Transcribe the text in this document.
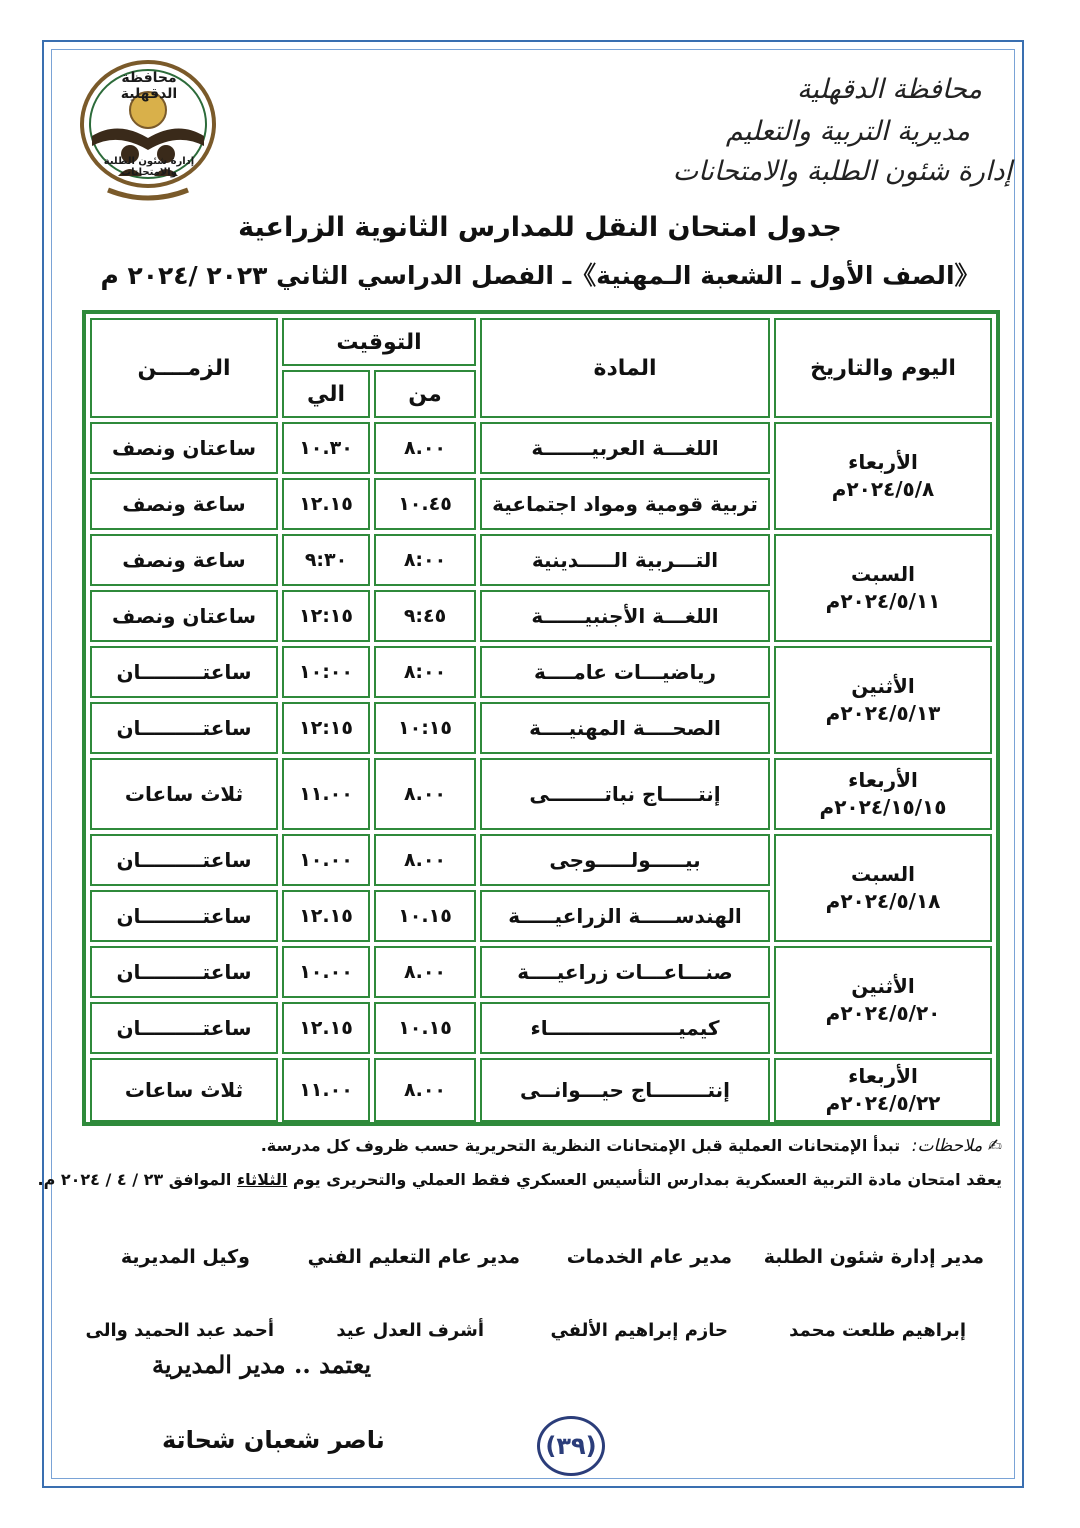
محافظة الدقهلية
مديرية التربية والتعليم
إدارة شئون الطلبة والامتحانات
محافظة الدقهلية
إدارة شئون الطلبة والامتحانات
جدول امتحان النقل للمدارس الثانوية الزراعية
《الصف الأول ـ الشعبة الـمهنية》ـ الفصل الدراسي الثاني ٢٠٢٣ /٢٠٢٤ م
اليوم والتاريخ
المادة
التوقيت
من
الي
الزمــــن
الأربعاء
٢٠٢٤/٥/٨م
اللغـــة العربيـــــــة
٨.٠٠
١٠.٣٠
ساعتان ونصف
تربية قومية ومواد اجتماعية
١٠.٤٥
١٢.١٥
ساعة ونصف
السبت
٢٠٢٤/٥/١١م
التـــربية الـــــدينية
٨:٠٠
٩:٣٠
ساعة ونصف
اللغـــة الأجنبيــــــة
٩:٤٥
١٢:١٥
ساعتان ونصف
الأثنين
٢٠٢٤/٥/١٣م
رياضيـــات عامــــة
٨:٠٠
١٠:٠٠
ساعتـــــــــان
الصحــــة المهنيــــة
١٠:١٥
١٢:١٥
ساعتـــــــــان
الأربعاء
٢٠٢٤/١٥/١٥م
إنتـــــاج نباتــــــــى
٨.٠٠
١١.٠٠
ثلاث ساعات
السبت
٢٠٢٤/٥/١٨م
بيـــــولـــــوجى
٨.٠٠
١٠.٠٠
ساعتـــــــــان
الهندســـــة الزراعيـــــة
١٠.١٥
١٢.١٥
ساعتـــــــــان
الأثنين
٢٠٢٤/٥/٢٠م
صنـــاعـــات زراعيــــة
٨.٠٠
١٠.٠٠
ساعتـــــــــان
كيميـــــــــــــــــــاء
١٠.١٥
١٢.١٥
ساعتـــــــــان
الأربعاء
٢٠٢٤/٥/٢٢م
إنتــــــــاج حيـــوانــى
٨.٠٠
١١.٠٠
ثلاث ساعات
✍ ملاحظات: تبدأ الإمتحانات العملية قبل الإمتحانات النظرية التحريرية حسب ظروف كل مدرسة.
يعقد امتحان مادة التربية العسكرية بمدارس التأسيس العسكري فقط العملي والتحريرى يوم الثلاثاء الموافق ٢٣ / ٤ / ٢٠٢٤ م.
مدير إدارة شئون الطلبة
مدير عام الخدمات
مدير عام التعليم الفني
وكيل المديرية
إبراهيم طلعت محمد
حازم إبراهيم الألفي
أشرف العدل عيد
أحمد عبد الحميد والى
يعتمد .. مدير المديرية
ناصر شعبان شحاتة	(٣٩)
